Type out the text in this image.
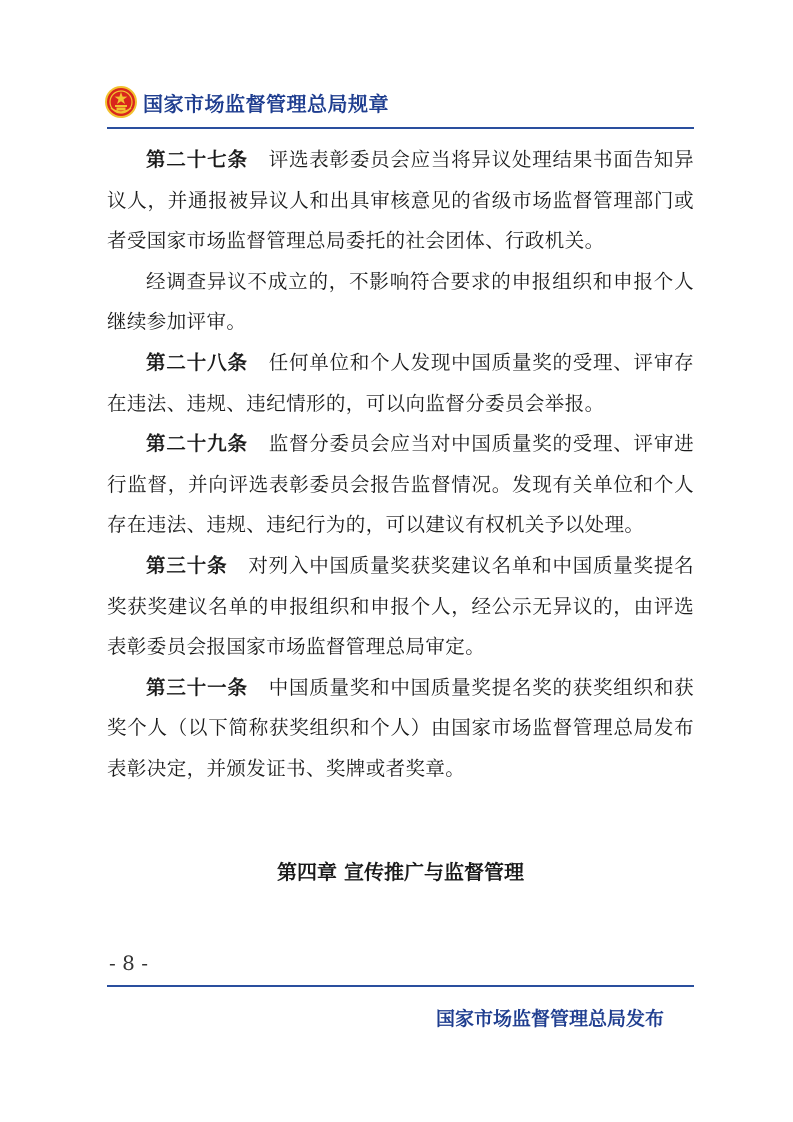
国家市场监督管理总局规章

第二十七条 评选表彰委员会应当将异议处理结果书面告知异议人，并通报被异议人和出具审核意见的省级市场监督管理部门或者受国家市场监督管理总局委托的社会团体、行政机关。

经调查异议不成立的，不影响符合要求的申报组织和申报个人继续参加评审。

第二十八条 任何单位和个人发现中国质量奖的受理、评审存在违法、违规、违纪情形的，可以向监督分委员会举报。

第二十九条 监督分委员会应当对中国质量奖的受理、评审进行监督，并向评选表彰委员会报告监督情况。发现有关单位和个人存在违法、违规、违纪行为的，可以建议有权机关予以处理。

第三十条 对列入中国质量奖获奖建议名单和中国质量奖提名奖获奖建议名单的申报组织和申报个人，经公示无异议的，由评选表彰委员会报国家市场监督管理总局审定。

第三十一条 中国质量奖和中国质量奖提名奖的获奖组织和获奖个人（以下简称获奖组织和个人）由国家市场监督管理总局发布表彰决定，并颁发证书、奖牌或者奖章。

第四章 宣传推广与监督管理
- 8 -
国家市场监督管理总局发布
